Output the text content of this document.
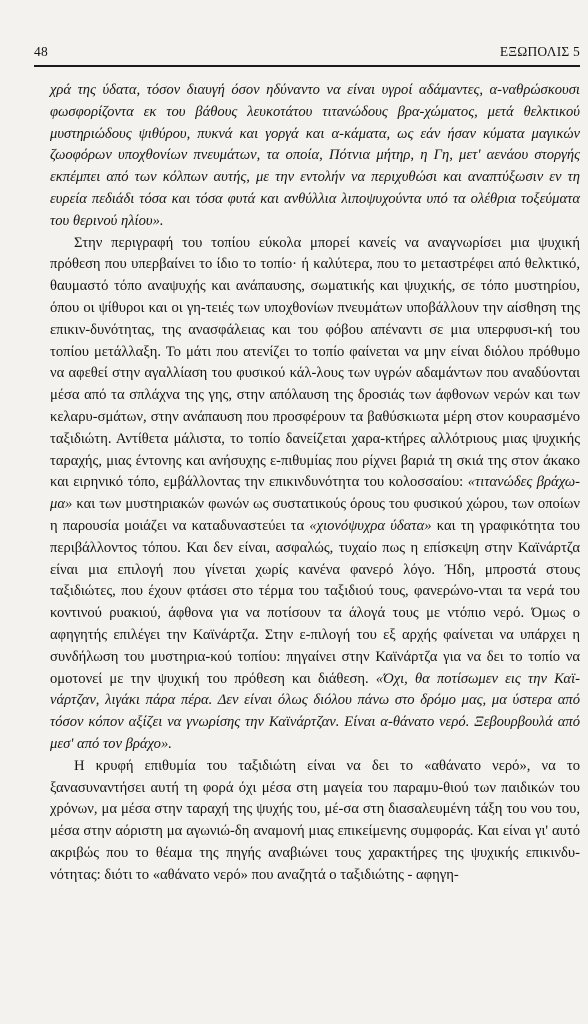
48	ΕΞΩΠΟΛΙΣ 5

χρά της ύδατα, τόσον διαυγή όσον ηδύναντο να είναι υγροί αδάμαντες, α-ναθρώσκουσι φωσφορίζοντα εκ του βάθους λευκοτάτου τιτανώδους βρα-χώματος, μετά θελκτικού μυστηριώδους ψιθύρου, πυκνά και γοργά και α-κάματα, ως εάν ήσαν κύματα μαγικών ζωοφόρων υποχθονίων πνευμάτων, τα οποία, Πότνια μήτηρ, η Γη, μετ' αενάου στοργής εκπέμπει από των κόλπων αυτής, με την εντολήν να περιχυθώσι και αναπτύξωσιν εν τη ευρεία πεδιάδι τόσα και τόσα φυτά και ανθύλλια λιποψυχούντα υπό τα ολέθρια τοξεύματα του θερινού ηλίου».

Στην περιγραφή του τοπίου εύκολα μπορεί κανείς να αναγνωρίσει μια ψυχική πρόθεση που υπερβαίνει το ίδιο το τοπίο· ή καλύτερα, που το μεταστρέφει από θελκτικό, θαυμαστό τόπο αναψυχής και ανάπαυσης, σωματικής και ψυχικής, σε τόπο μυστηρίου, όπου οι ψίθυροι και οι γη-τειές των υποχθονίων πνευμάτων υποβάλλουν την αίσθηση της επικιν-δυνότητας, της ανασφάλειας και του φόβου απέναντι σε μια υπερφυσι-κή του τοπίου μετάλλαξη. Το μάτι που ατενίζει το τοπίο φαίνεται να μην είναι διόλου πρόθυμο να αφεθεί στην αγαλλίαση του φυσικού κάλ-λους των υγρών αδαμάντων που αναδύονται μέσα από τα σπλάχνα της γης, στην απόλαυση της δροσιάς των άφθονων νερών και των κελαρυ-σμάτων, στην ανάπαυση που προσφέρουν τα βαθύσκιωτα μέρη στον κουρασμένο ταξιδιώτη. Αντίθετα μάλιστα, το τοπίο δανείζεται χαρα-κτήρες αλλότριους μιας ψυχικής ταραχής, μιας έντονης και ανήσυχης ε-πιθυμίας που ρίχνει βαριά τη σκιά της στον άκακο και ειρηνικό τόπο, εμβάλλοντας την επικινδυνότητα του κολοσσαίου: «τιτανώδες βράχω-μα» και των μυστηριακών φωνών ως συστατικούς όρους του φυσικού χώρου, των οποίων η παρουσία μοιάζει να καταδυναστεύει τα «χιονόψυχρα ύδατα» και τη γραφικότητα του περιβάλλοντος τόπου. Και δεν είναι, ασφαλώς, τυχαίο πως η επίσκεψη στην Καϊνάρτζα είναι μια επιλογή που γίνεται χωρίς κανένα φανερό λόγο. Ήδη, μπροστά στους ταξιδιώτες, που έχουν φτάσει στο τέρμα του ταξιδιού τους, φανερώνο-νται τα νερά του κοντινού ρυακιού, άφθονα για να ποτίσουν τα άλογά τους με ντόπιο νερό. Όμως ο αφηγητής επιλέγει την Καϊνάρτζα. Στην ε-πιλογή του εξ αρχής φαίνεται να υπάρχει η συνδήλωση του μυστηρια-κού τοπίου: πηγαίνει στην Καϊνάρτζα για να δει το τοπίο να ομοτονεί με την ψυχική του πρόθεση και διάθεση. «Όχι, θα ποτίσωμεν εις την Καϊ-νάρτζαν, λιγάκι πάρα πέρα. Δεν είναι όλως διόλου πάνω στο δρόμο μας, μα ύστερα από τόσον κόπον αξίζει να γνωρίσης την Καϊνάρτζαν. Είναι α-θάνατο νερό. Ξεβουρβουλά από μεσ' από τον βράχο».

Η κρυφή επιθυμία του ταξιδιώτη είναι να δει το «αθάνατο νερό», να το ξανασυναντήσει αυτή τη φορά όχι μέσα στη μαγεία του παραμυ-θιού των παιδικών του χρόνων, μα μέσα στην ταραχή της ψυχής του, μέ-σα στη διασαλευμένη τάξη του νου του, μέσα στην αόριστη μα αγωνιώ-δη αναμονή μιας επικείμενης συμφοράς. Και είναι γι' αυτό ακριβώς που το θέαμα της πηγής αναβιώνει τους χαρακτήρες της ψυχικής επικινδυ-νότητας: διότι το «αθάνατο νερό» που αναζητά ο ταξιδιώτης - αφηγη-
